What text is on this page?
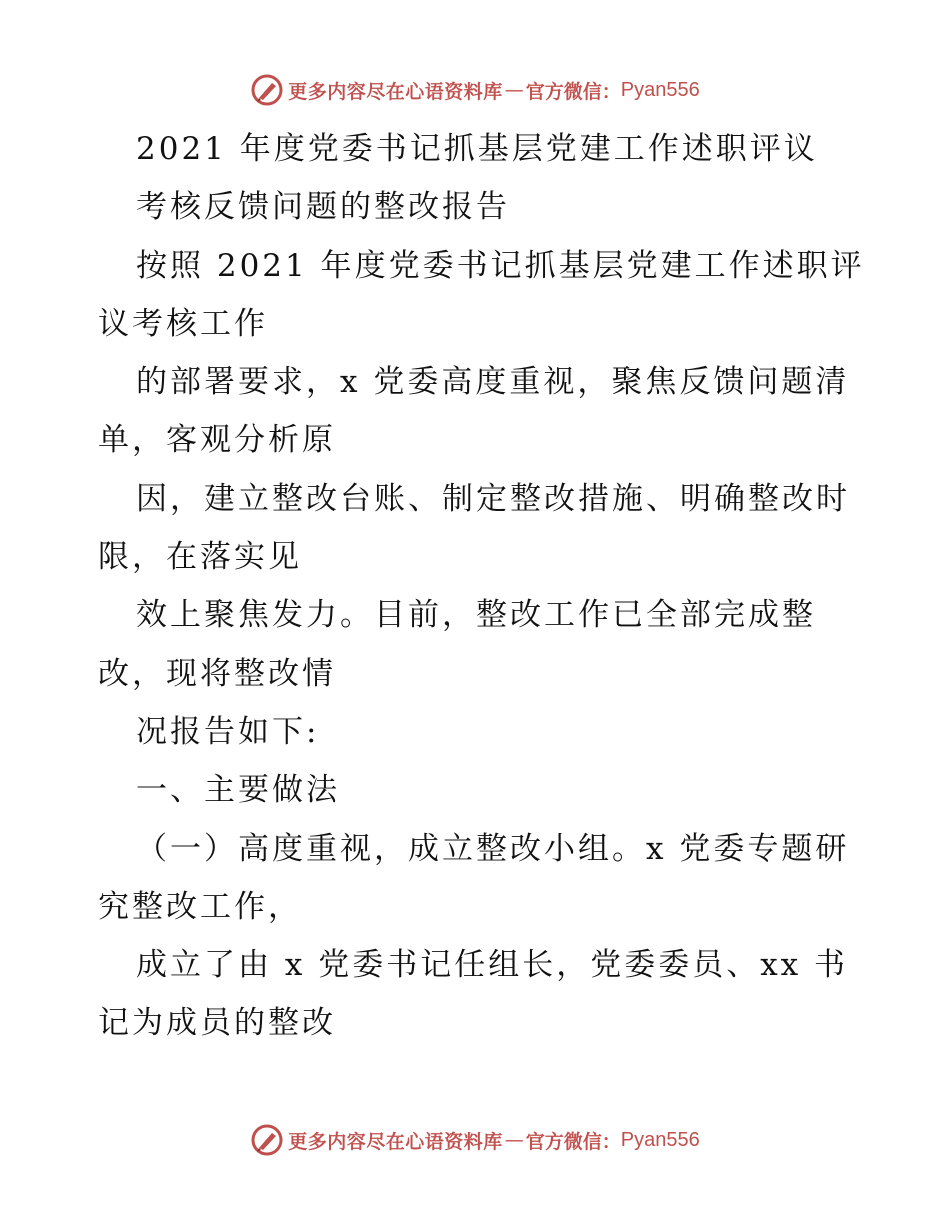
更多内容尽在心语资料库 — 官方微信： Pyan556
2021 年度党委书记抓基层党建工作述职评议
考核反馈问题的整改报告
按照 2021 年度党委书记抓基层党建工作述职评
议考核工作
的部署要求，x 党委高度重视，聚焦反馈问题清
单，客观分析原
因，建立整改台账、制定整改措施、明确整改时
限，在落实见
效上聚焦发力。目前，整改工作已全部完成整
改，现将整改情
况报告如下:
一、主要做法
（一）高度重视，成立整改小组。x 党委专题研
究整改工作，
成立了由 x 党委书记任组长，党委委员、xx 书
记为成员的整改
更多内容尽在心语资料库 — 官方微信： Pyan556
